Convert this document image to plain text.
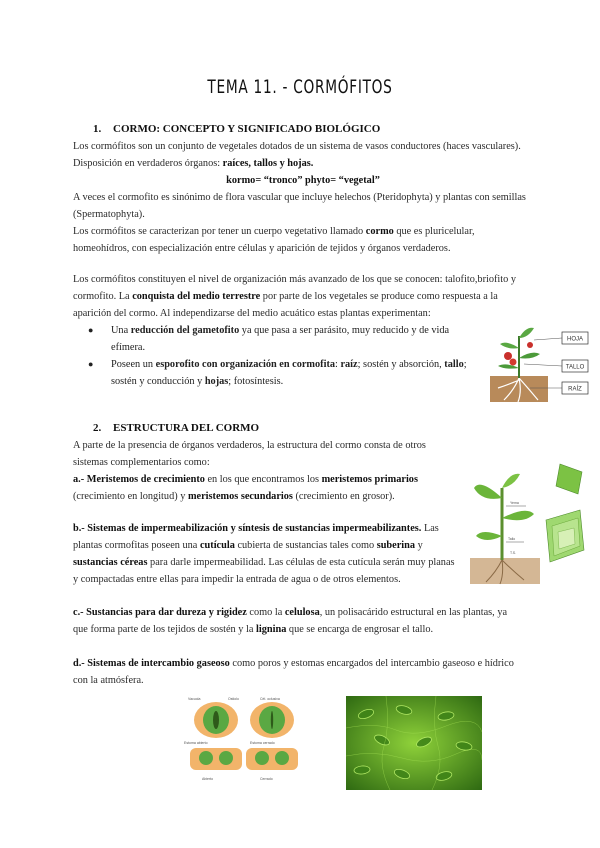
TEMA 11. - CORMÓFITOS
1. CORMO: CONCEPTO Y SIGNIFICADO BIOLÓGICO
Los cormófitos son un conjunto de vegetales dotados de un sistema de vasos conductores (haces vasculares).
Disposición en verdaderos órganos: raíces, tallos y hojas.
kormo= “tronco” phyto= “vegetal”
A veces el cormofito es sinónimo de flora vascular que incluye helechos (Pteridophyta) y plantas con semillas
(Spermatophyta).
Los cormófitos se caracterizan por tener un cuerpo vegetativo llamado cormo que es pluricelular,
homeohídros, con especialización entre células y aparición de tejidos y órganos verdaderos.
Los cormófitos constituyen el nivel de organización más avanzado de los que se conocen: talofito,briofito y
cormofito. La conquista del medio terrestre por parte de los vegetales se produce como respuesta a la
aparición del cormo. Al independizarse del medio acuático estas plantas experimentan:
● Una reducción del gametofito ya que pasa a ser parásito, muy reducido y de vida
efímera.
● Poseen un esporofito con organización en cormofita: raíz; sostén y absorción, tallo;
sostén y conducción y hojas; fotosíntesis.
HOJA
TALLO
RAÍZ
2. ESTRUCTURA DEL CORMO
A parte de la presencia de órganos verdaderos, la estructura del cormo consta de otros
sistemas complementarios como:
a.- Meristemos de crecimiento en los que encontramos los meristemos primarios
(crecimiento en longitud) y meristemos secundarios (crecimiento en grosor).
b.- Sistemas de impermeabilización y síntesis de sustancias impermeabilizantes. Las
plantas cormofitas poseen una cutícula cubierta de sustancias tales como suberina y
sustancias céreas para darle impermeabilidad. Las células de esta cutícula serán muy planas
y compactadas entre ellas para impedir la entrada de agua o de otros elementos.
Yema
Tallo
T.S.
c.- Sustancias para dar dureza y rigidez como la celulosa, un polisacárido estructural en las plantas, ya
que forma parte de los tejidos de sostén y la lignina que se encarga de engrosar el tallo.
d.- Sistemas de intercambio gaseoso como poros y estomas encargados del intercambio gaseoso e hídrico
con la atmósfera.
Vacuola	Ostiolo	Cél. oclusiva
Estoma abierto	Estoma cerrado
Abierto	Cerrado
